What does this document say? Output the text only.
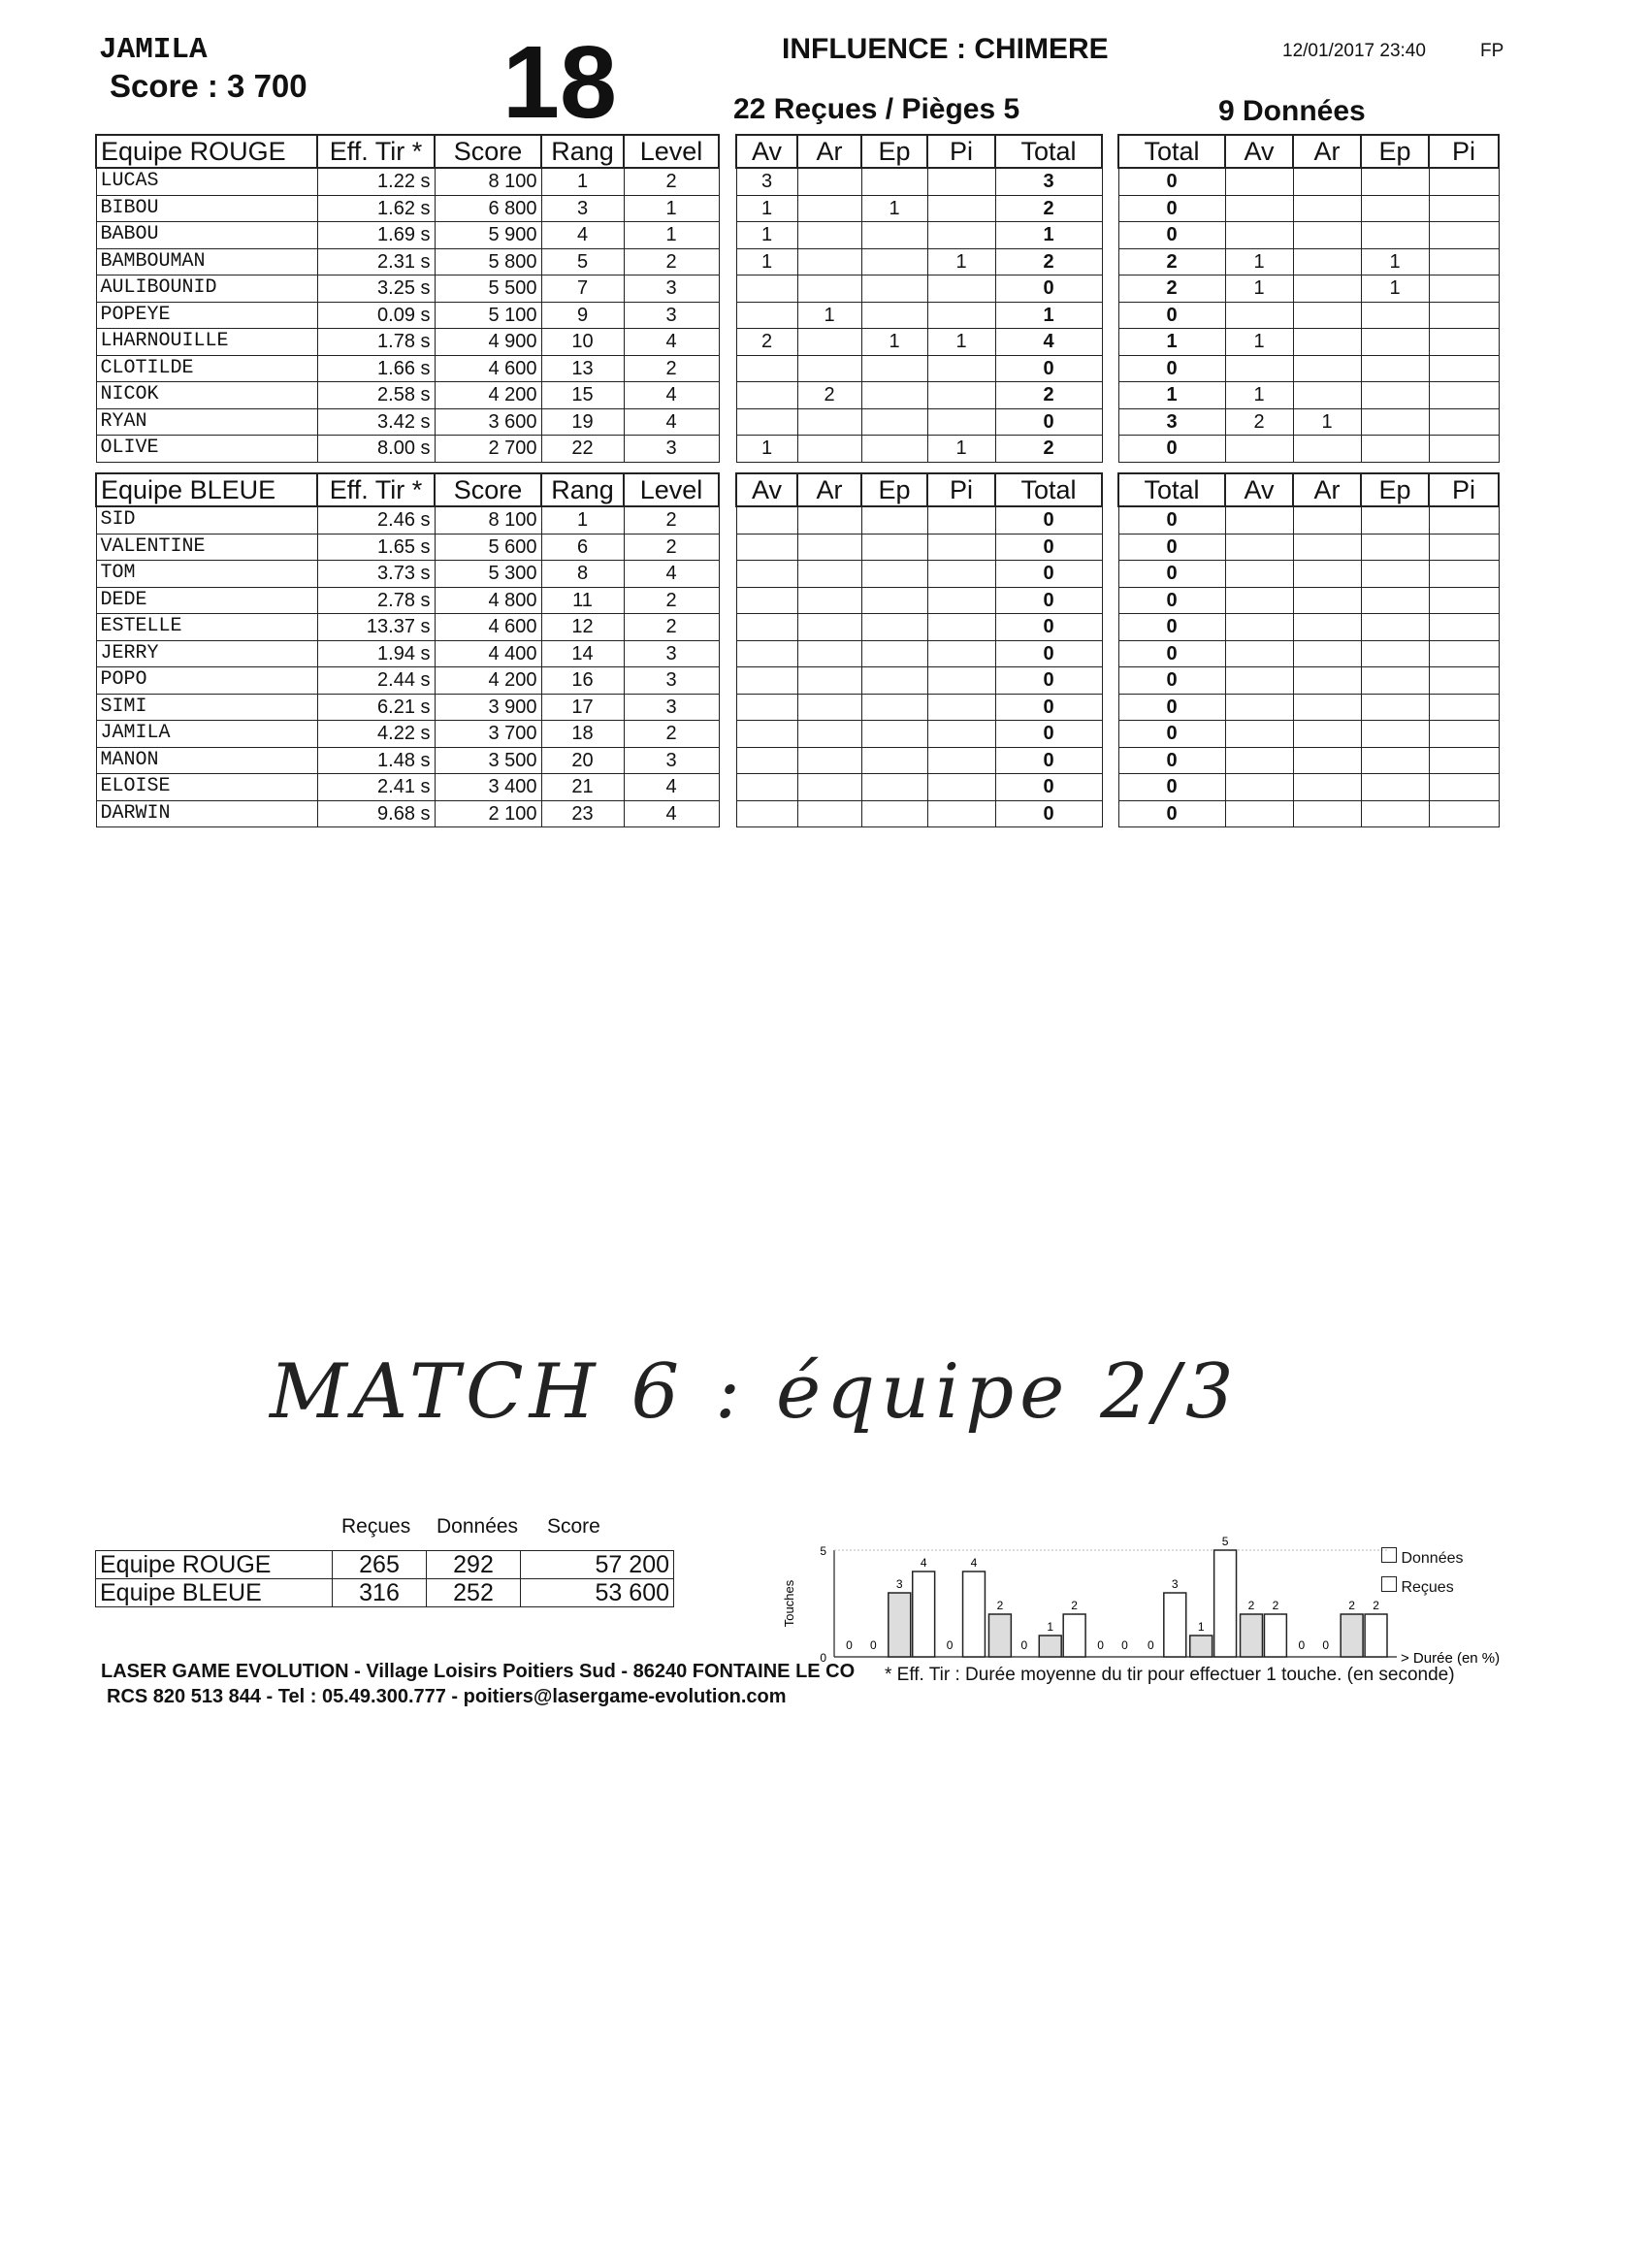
JAMILA
Score : 3 700 18	INFLUENCE : CHIMERE	12/01/2017 23:40	FP
22 Reçues / Pièges 5	9 Données
Equipe ROUGE	Eff. Tir *	Score	Rang	Level
LUCAS	1.22 s	8 100	1	2
BIBOU	1.62 s	6 800	3	1
BABOU	1.69 s	5 900	4	1
BAMBOUMAN	2.31 s	5 800	5	2
AULIBOUNID	3.25 s	5 500	7	3
POPEYE	0.09 s	5 100	9	3
LHARNOUILLE	1.78 s	4 900	10	4
CLOTILDE	1.66 s	4 600	13	2
NICOK	2.58 s	4 200	15	4
RYAN	3.42 s	3 600	19	4
OLIVE	8.00 s	2 700	22	3
Av	Ar	Ep	Pi	Total
3				3
1		1		2
1				1
1			1	2
				0
	1			1
2		1	1	4
				0
	2			2
				0
1			1	2
Total	Av	Ar	Ep	Pi
0				
0				
0				
2	1		1	
2	1		1	
0				
1	1			
0				
1	1			
3	2	1		
0				
Equipe BLEUE	Eff. Tir *	Score	Rang	Level
SID	2.46 s	8 100	1	2
VALENTINE	1.65 s	5 600	6	2
TOM	3.73 s	5 300	8	4
DEDE	2.78 s	4 800	11	2
ESTELLE	13.37 s	4 600	12	2
JERRY	1.94 s	4 400	14	3
POPO	2.44 s	4 200	16	3
SIMI	6.21 s	3 900	17	3
JAMILA	4.22 s	3 700	18	2
MANON	1.48 s	3 500	20	3
ELOISE	2.41 s	3 400	21	4
DARWIN	9.68 s	2 100	23	4
Av	Ar	Ep	Pi	Total
				0
				0
				0
				0
				0
				0
				0
				0
				0
				0
				0
				0
Total	Av	Ar	Ep	Pi
0				
0				
0				
0				
0				
0				
0				
0				
0				
0				
0				
0				
MATCH 6 : équipe 2/3
Reçues Données Score
Equipe ROUGE	265	292	57 200
Equipe BLEUE	316	252	53 600
0
5
Touches
> Durée (en %)
0
3
0
2
1
0	0
1
2
0
2
0
4	4
0
2
0
3
5
2
0
2
Données
Reçues
LASER GAME EVOLUTION - Village Loisirs Poitiers Sud - 86240 FONTAINE LE CO
RCS 820 513 844 - Tel : 05.49.300.777 - poitiers@lasergame-evolution.com
* Eff. Tir : Durée moyenne du tir pour effectuer 1 touche. (en seconde)
